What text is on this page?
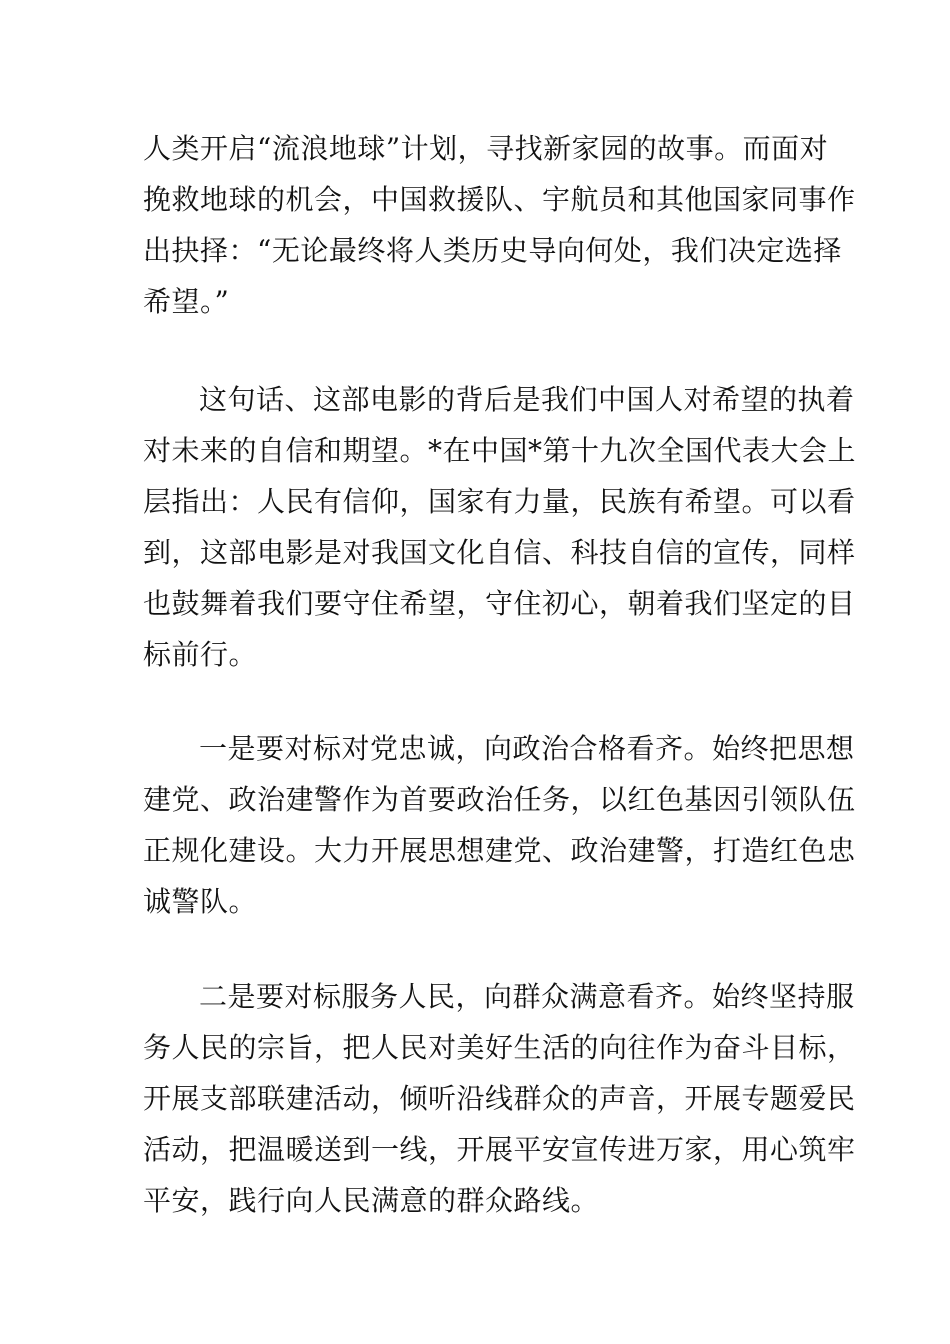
人类开启“流浪地球”计划，寻找新家园的故事。而面对
挽救地球的机会，中国救援队、宇航员和其他国家同事作
出抉择：“无论最终将人类历史导向何处，我们决定选择
希望。”
这句话、这部电影的背后是我们中国人对希望的执着
对未来的自信和期望。*在中国*第十九次全国代表大会上
层指出：人民有信仰，国家有力量，民族有希望。可以看
到，这部电影是对我国文化自信、科技自信的宣传，同样
也鼓舞着我们要守住希望，守住初心，朝着我们坚定的目
标前行。
一是要对标对党忠诚，向政治合格看齐。始终把思想
建党、政治建警作为首要政治任务，以红色基因引领队伍
正规化建设。大力开展思想建党、政治建警，打造红色忠
诚警队。
二是要对标服务人民，向群众满意看齐。始终坚持服
务人民的宗旨，把人民对美好生活的向往作为奋斗目标，
开展支部联建活动，倾听沿线群众的声音，开展专题爱民
活动，把温暖送到一线，开展平安宣传进万家，用心筑牢
平安，践行向人民满意的群众路线。
